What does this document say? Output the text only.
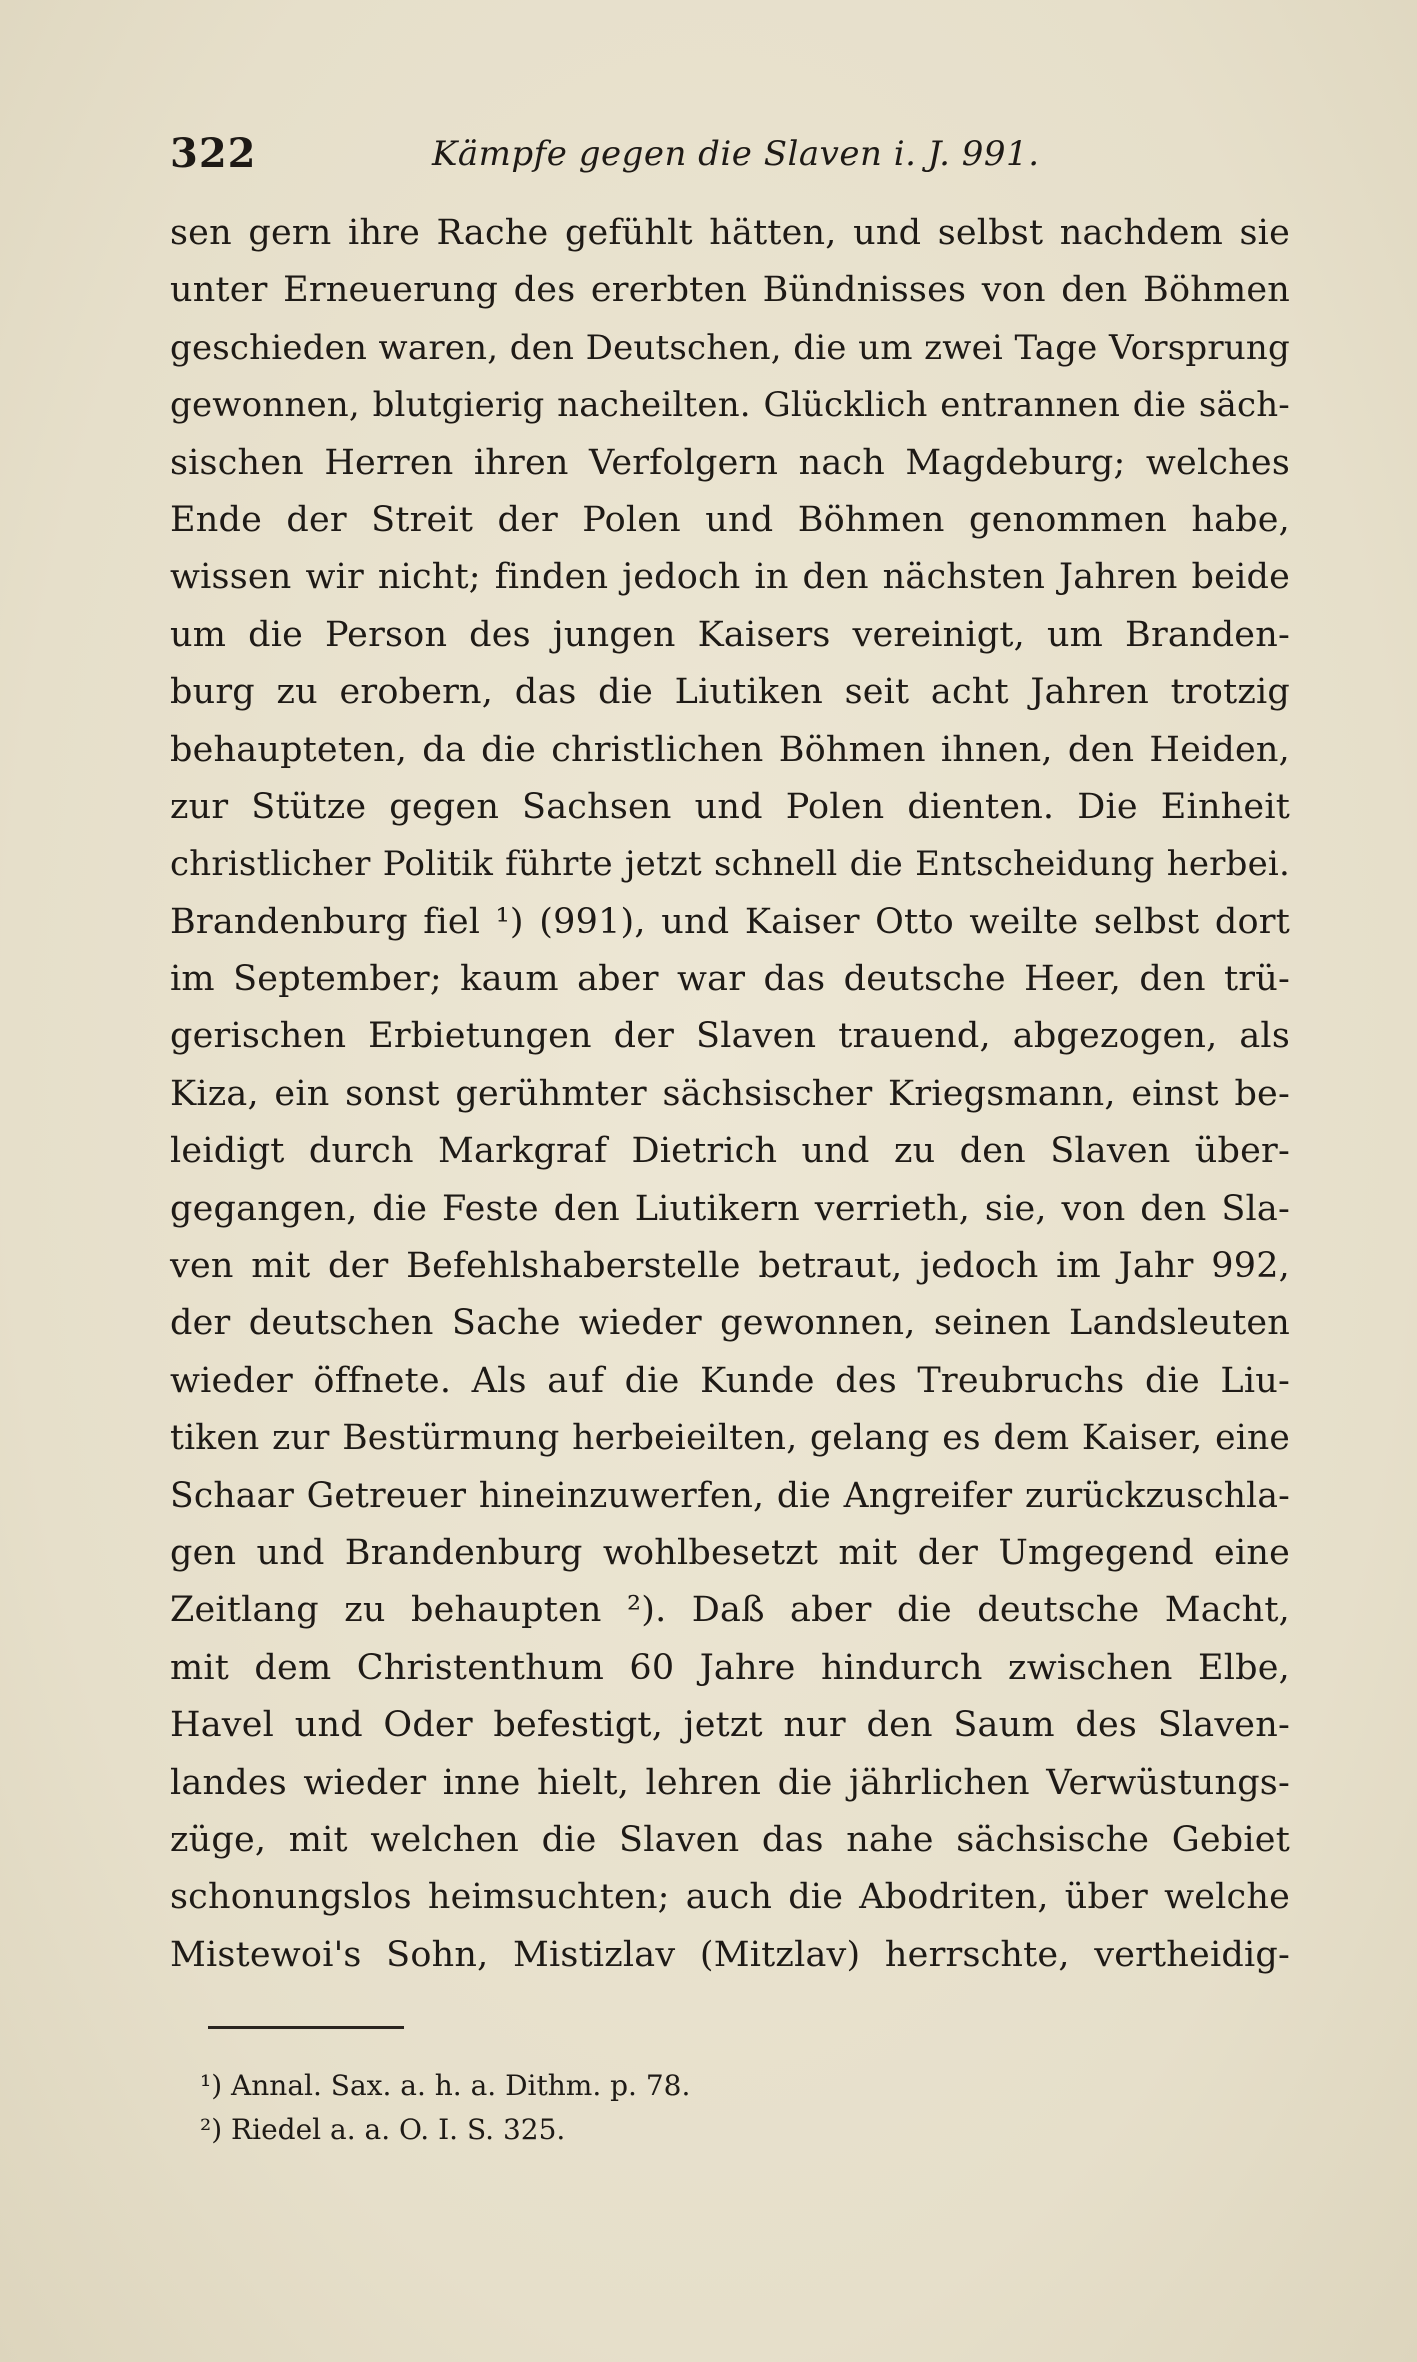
322	Kämpfe gegen die Slaven i. J. 991.
sen gern ihre Rache gefühlt hätten, und selbst nachdem sie
unter Erneuerung des ererbten Bündnisses von den Böhmen
geschieden waren, den Deutschen, die um zwei Tage Vorsprung
gewonnen, blutgierig nacheilten. Glücklich entrannen die säch-
sischen Herren ihren Verfolgern nach Magdeburg; welches
Ende der Streit der Polen und Böhmen genommen habe,
wissen wir nicht; finden jedoch in den nächsten Jahren beide
um die Person des jungen Kaisers vereinigt, um Branden-
burg zu erobern, das die Liutiken seit acht Jahren trotzig
behaupteten, da die christlichen Böhmen ihnen, den Heiden,
zur Stütze gegen Sachsen und Polen dienten. Die Einheit
christlicher Politik führte jetzt schnell die Entscheidung herbei.
Brandenburg fiel ¹) (991), und Kaiser Otto weilte selbst dort
im September; kaum aber war das deutsche Heer, den trü-
gerischen Erbietungen der Slaven trauend, abgezogen, als
Kiza, ein sonst gerühmter sächsischer Kriegsmann, einst be-
leidigt durch Markgraf Dietrich und zu den Slaven über-
gegangen, die Feste den Liutikern verrieth, sie, von den Sla-
ven mit der Befehlshaberstelle betraut, jedoch im Jahr 992,
der deutschen Sache wieder gewonnen, seinen Landsleuten
wieder öffnete. Als auf die Kunde des Treubruchs die Liu-
tiken zur Bestürmung herbeieilten, gelang es dem Kaiser, eine
Schaar Getreuer hineinzuwerfen, die Angreifer zurückzuschla-
gen und Brandenburg wohlbesetzt mit der Umgegend eine
Zeitlang zu behaupten ²). Daß aber die deutsche Macht,
mit dem Christenthum 60 Jahre hindurch zwischen Elbe,
Havel und Oder befestigt, jetzt nur den Saum des Slaven-
landes wieder inne hielt, lehren die jährlichen Verwüstungs-
züge, mit welchen die Slaven das nahe sächsische Gebiet
schonungslos heimsuchten; auch die Abodriten, über welche
Mistewoi's Sohn, Mistizlav (Mitzlav) herrschte, vertheidig-
¹) Annal. Sax. a. h. a. Dithm. p. 78.
²) Riedel a. a. O. I. S. 325.
